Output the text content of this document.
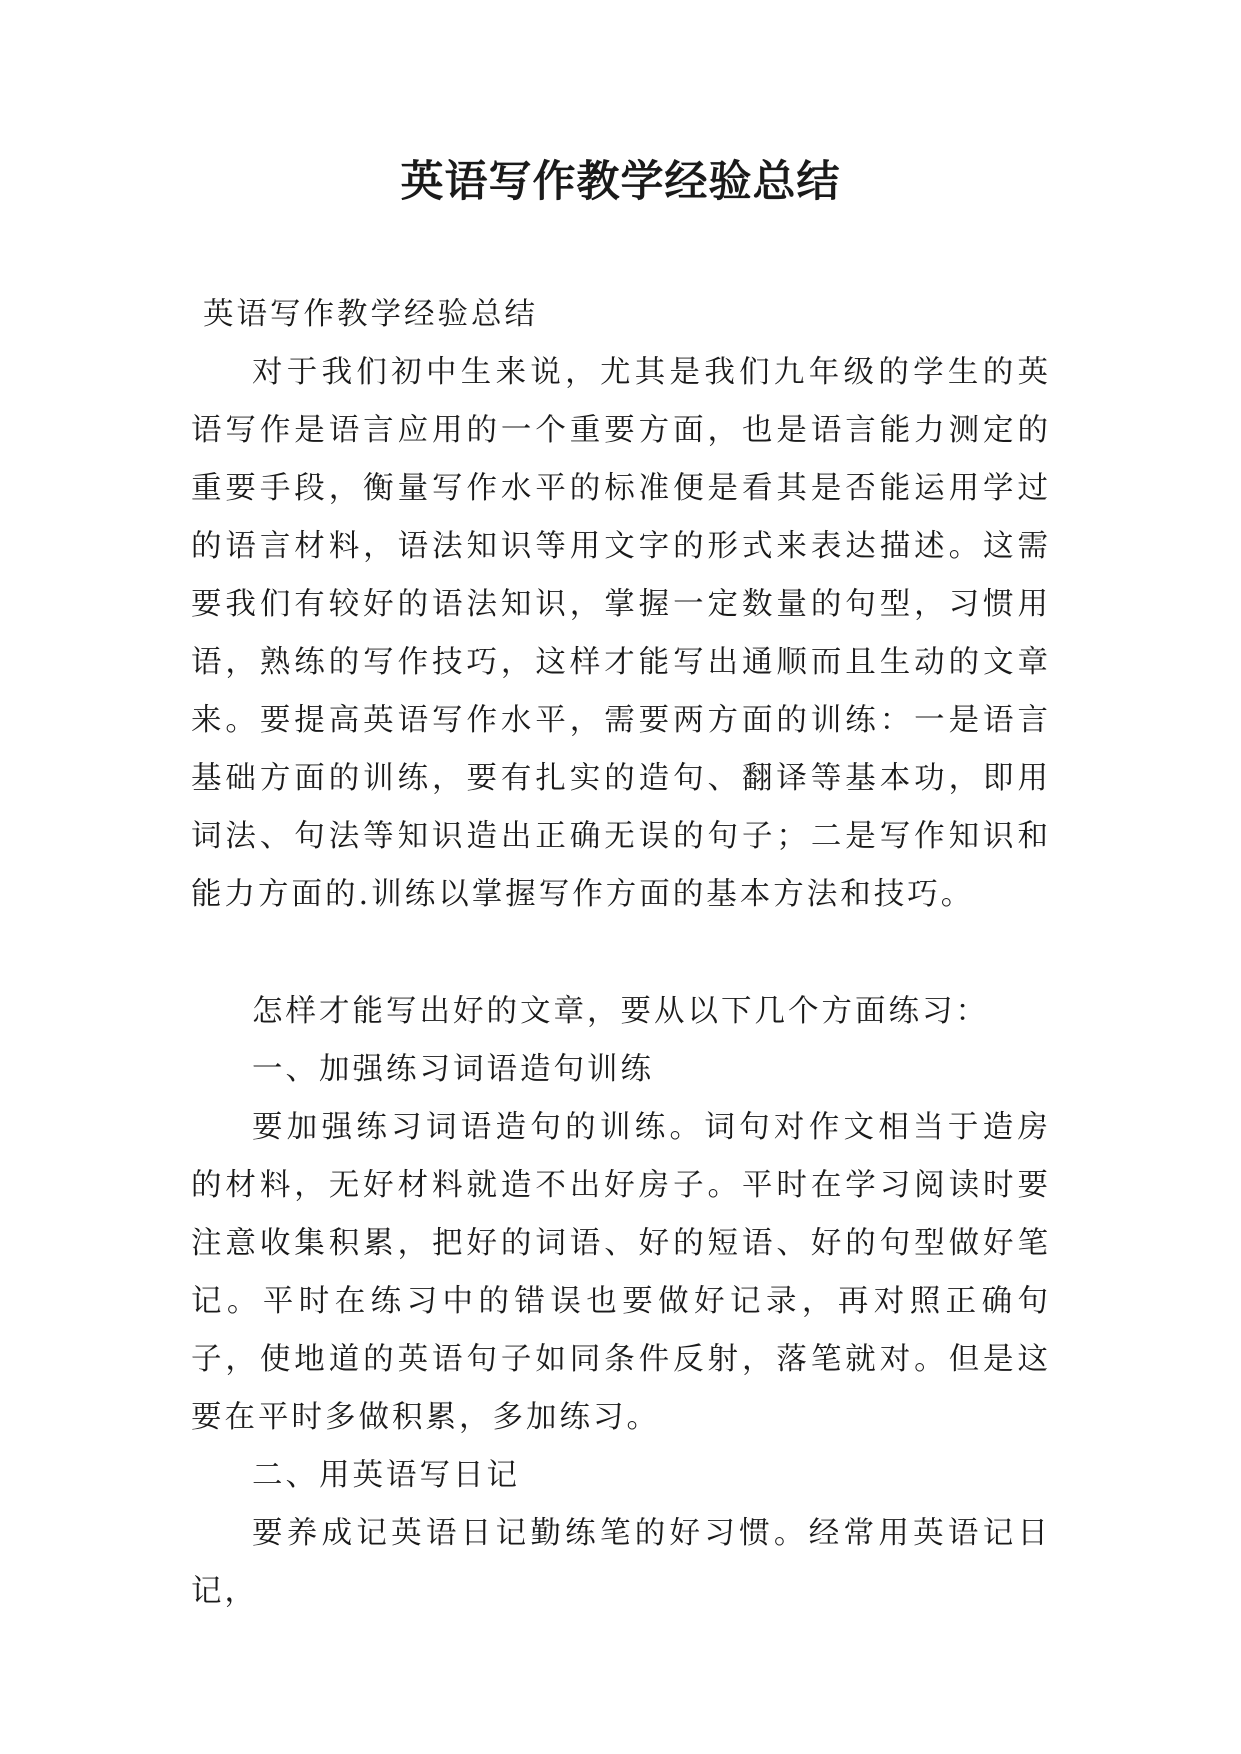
英语写作教学经验总结

英语写作教学经验总结

对于我们初中生来说，尤其是我们九年级的学生的英语写作是语言应用的一个重要方面，也是语言能力测定的重要手段，衡量写作水平的标准便是看其是否能运用学过的语言材料，语法知识等用文字的形式来表达描述。这需要我们有较好的语法知识，掌握一定数量的句型，习惯用语，熟练的写作技巧，这样才能写出通顺而且生动的文章来。要提高英语写作水平，需要两方面的训练：一是语言基础方面的训练，要有扎实的造句、翻译等基本功，即用词法、句法等知识造出正确无误的句子；二是写作知识和能力方面的.训练以掌握写作方面的基本方法和技巧。

怎样才能写出好的文章，要从以下几个方面练习：

一、加强练习词语造句训练

要加强练习词语造句的训练。词句对作文相当于造房的材料，无好材料就造不出好房子。平时在学习阅读时要注意收集积累，把好的词语、好的短语、好的句型做好笔记。平时在练习中的错误也要做好记录，再对照正确句子，使地道的英语句子如同条件反射，落笔就对。但是这要在平时多做积累，多加练习。

二、用英语写日记

要养成记英语日记勤练笔的好习惯。经常用英语记日记，
